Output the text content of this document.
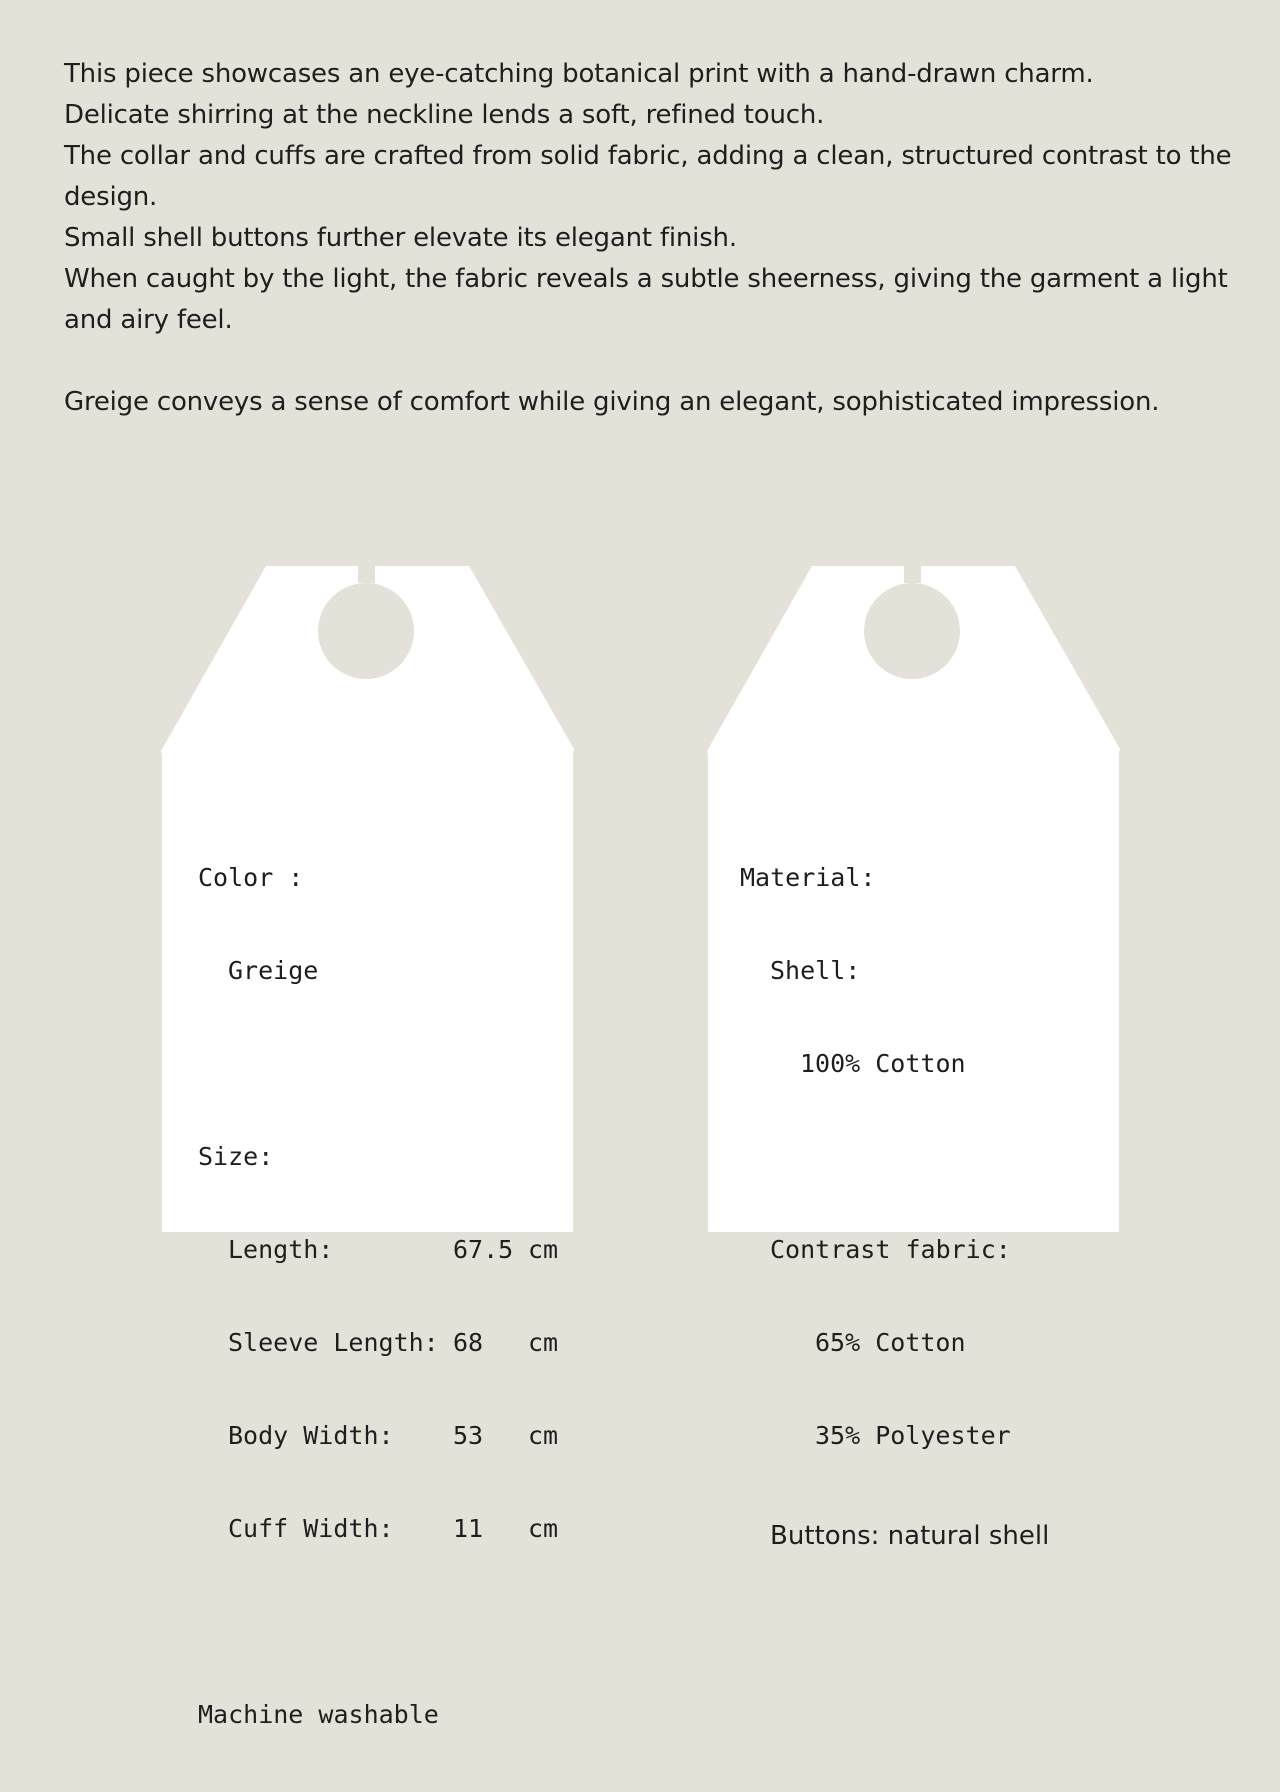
This piece showcases an eye-catching botanical print with a hand-drawn charm.

Delicate shirring at the neckline lends a soft, refined touch.

The collar and cuffs are crafted from solid fabric, adding a clean, structured contrast to the design.

Small shell buttons further elevate its elegant finish.

When caught by the light, the fabric reveals a subtle sheerness, giving the garment a light and airy feel.

Greige conveys a sense of comfort while giving an elegant, sophisticated impression.

Color :

Greige

Size:

Length:	67.5 cm

Sleeve Length: 68 cm

Body Width: 53 cm

Cuff Width: 11 cm

Machine washable

Material:

Shell:

100% Cotton

Contrast fabric:

65% Cotton

35% Polyester

Buttons: natural shell
